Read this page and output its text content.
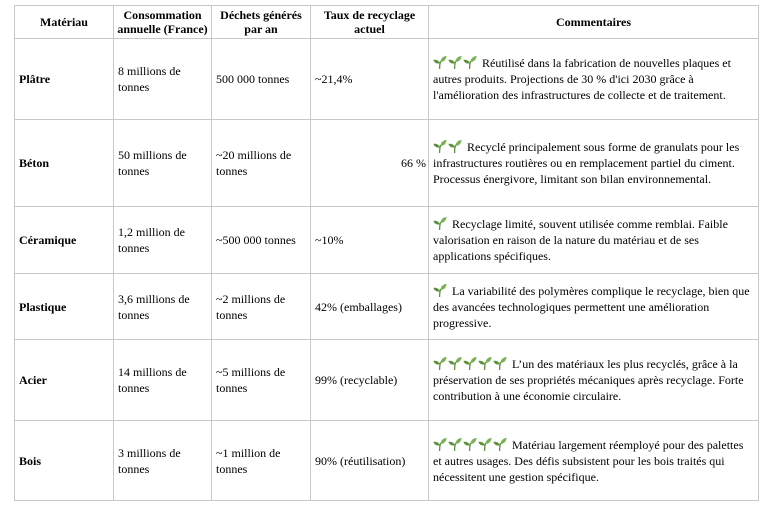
Matériau	Consommation annuelle (France)	Déchets générés par an	Taux de recyclage actuel	Commentaires
Plâtre	8 millions de tonnes	500 000 tonnes	~21,4%	Réutilisé dans la fabrication de nouvelles plaques et autres produits. Projections de 30 % d'ici 2030 grâce à l'amélioration des infrastructures de collecte et de traitement.
Béton	50 millions de tonnes	~20 millions de tonnes	66 %	Recyclé principalement sous forme de granulats pour les infrastructures routières ou en remplacement partiel du ciment. Processus énergivore, limitant son bilan environnemental.
Céramique	1,2 million de tonnes	~500 000 tonnes	~10%	Recyclage limité, souvent utilisée comme remblai. Faible valorisation en raison de la nature du matériau et de ses applications spécifiques.
Plastique	3,6 millions de tonnes	~2 millions de tonnes	42% (emballages)	La variabilité des polymères complique le recyclage, bien que des avancées technologiques permettent une amélioration progressive.
Acier	14 millions de tonnes	~5 millions de tonnes	99% (recyclable)	L’un des matériaux les plus recyclés, grâce à la préservation de ses propriétés mécaniques après recyclage. Forte contribution à une économie circulaire.
Bois	3 millions de tonnes	~1 million de tonnes	90% (réutilisation)	Matériau largement réemployé pour des palettes et autres usages. Des défis subsistent pour les bois traités qui nécessitent une gestion spécifique.
